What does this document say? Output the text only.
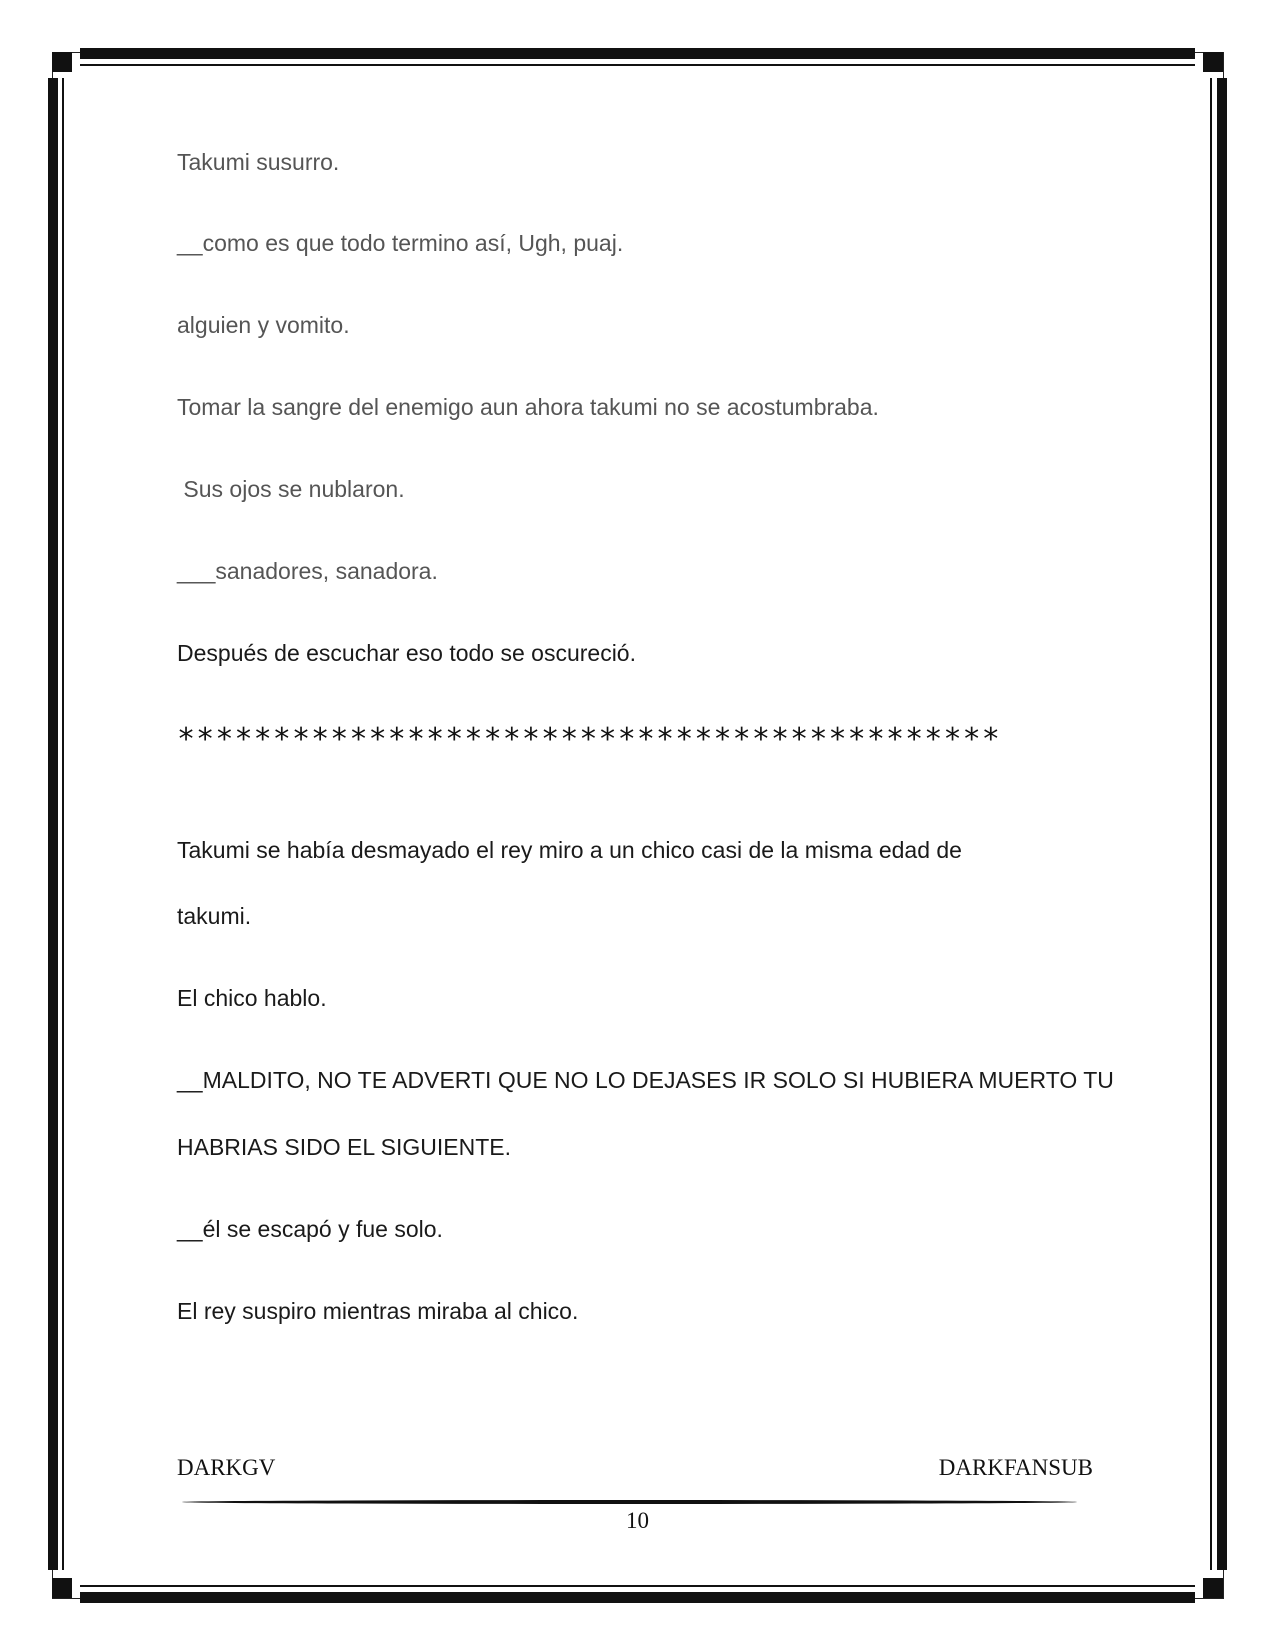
Takumi susurro.
__como es que todo termino así, Ugh, puaj.
alguien y vomito.
Tomar la sangre del enemigo aun ahora takumi no se acostumbraba.
Sus ojos se nublaron.
___sanadores, sanadora.
Después de escuchar eso todo se oscureció.
*******************************************
Takumi se había desmayado el rey miro a un chico casi de la misma edad de
takumi.
El chico hablo.
__MALDITO, NO TE ADVERTI QUE NO LO DEJASES IR SOLO SI HUBIERA MUERTO TU
HABRIAS SIDO EL SIGUIENTE.
__él se escapó y fue solo.
El rey suspiro mientras miraba al chico.
DARKGV	DARKFANSUB
10
